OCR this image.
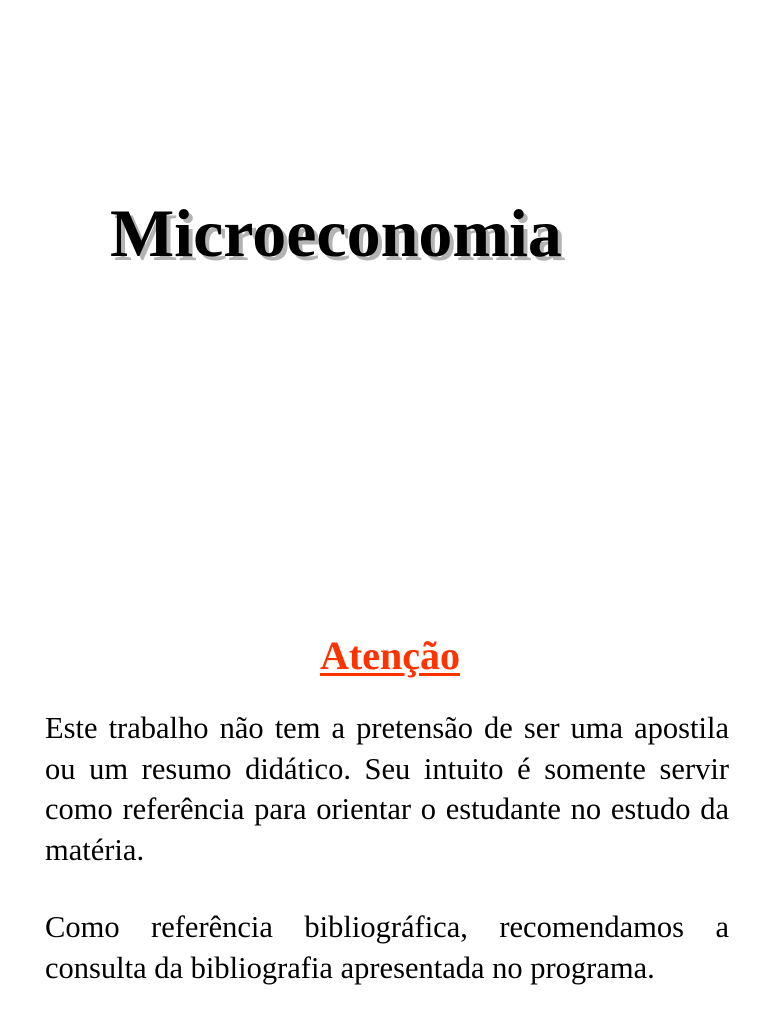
Microeconomia
Atenção

Este trabalho não tem a pretensão de ser uma apostila ou um resumo didático. Seu intuito é somente servir como referência para orientar o estudante no estudo da matéria.

Como referência bibliográfica, recomendamos a consulta da bibliografia apresentada no programa.
